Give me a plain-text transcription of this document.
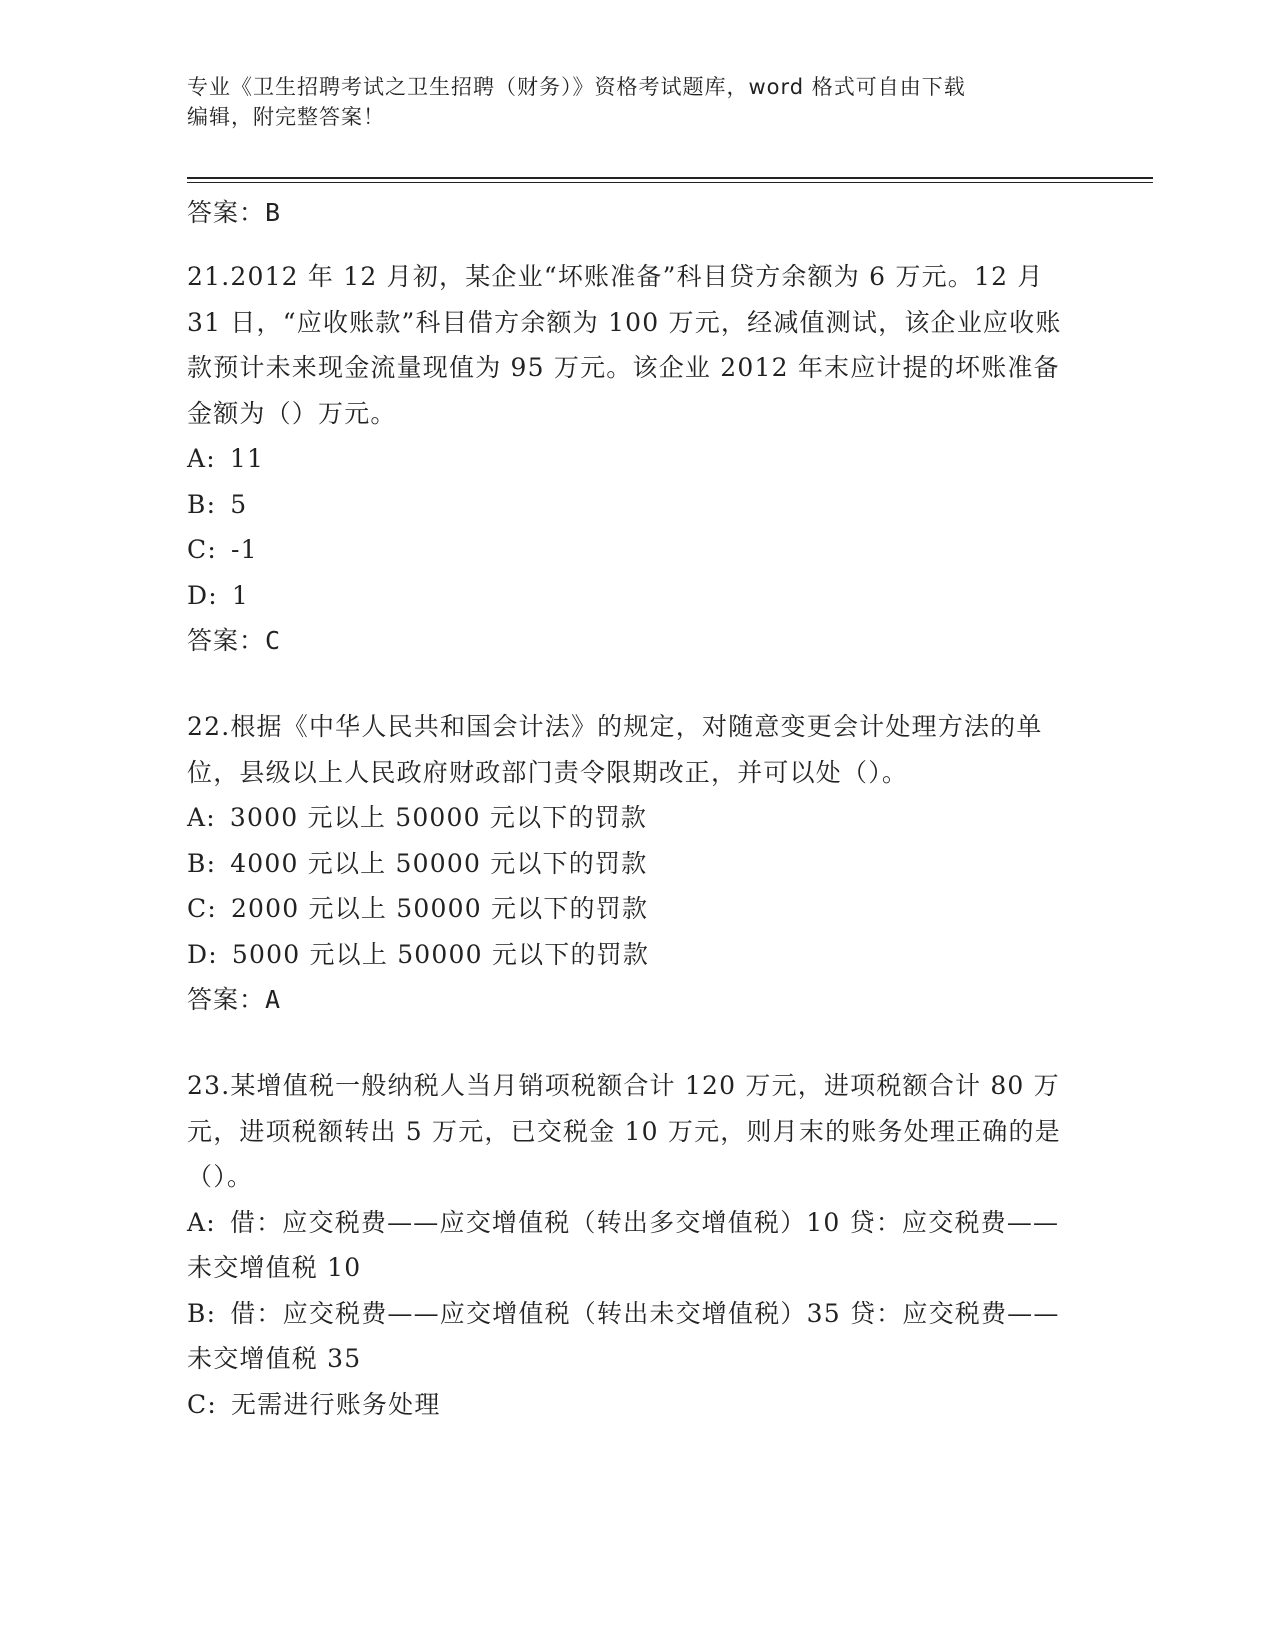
专业《卫生招聘考试之卫生招聘（财务）》资格考试题库，word 格式可自由下载
编辑，附完整答案！
答案：B
21.2012 年 12 月初，某企业“坏账准备”科目贷方余额为 6 万元。12 月 31 日，“应收账款”科目借方余额为 100 万元，经减值测试，该企业应收账款预计未来现金流量现值为 95 万元。该企业 2012 年末应计提的坏账准备金额为（）万元。
A: 11
B: 5
C: -1
D: 1
答案：C
22.根据《中华人民共和国会计法》的规定，对随意变更会计处理方法的单位，县级以上人民政府财政部门责令限期改正，并可以处（）。
A: 3000 元以上 50000 元以下的罚款
B: 4000 元以上 50000 元以下的罚款
C: 2000 元以上 50000 元以下的罚款
D: 5000 元以上 50000 元以下的罚款
答案：A
23.某增值税一般纳税人当月销项税额合计 120 万元，进项税额合计 80 万元，进项税额转出 5 万元，已交税金 10 万元，则月末的账务处理正确的是（）。
A: 借：应交税费——应交增值税（转出多交增值税）10 贷：应交税费——未交增值税 10
B: 借：应交税费——应交增值税（转出未交增值税）35 贷：应交税费——未交增值税 35
C: 无需进行账务处理
